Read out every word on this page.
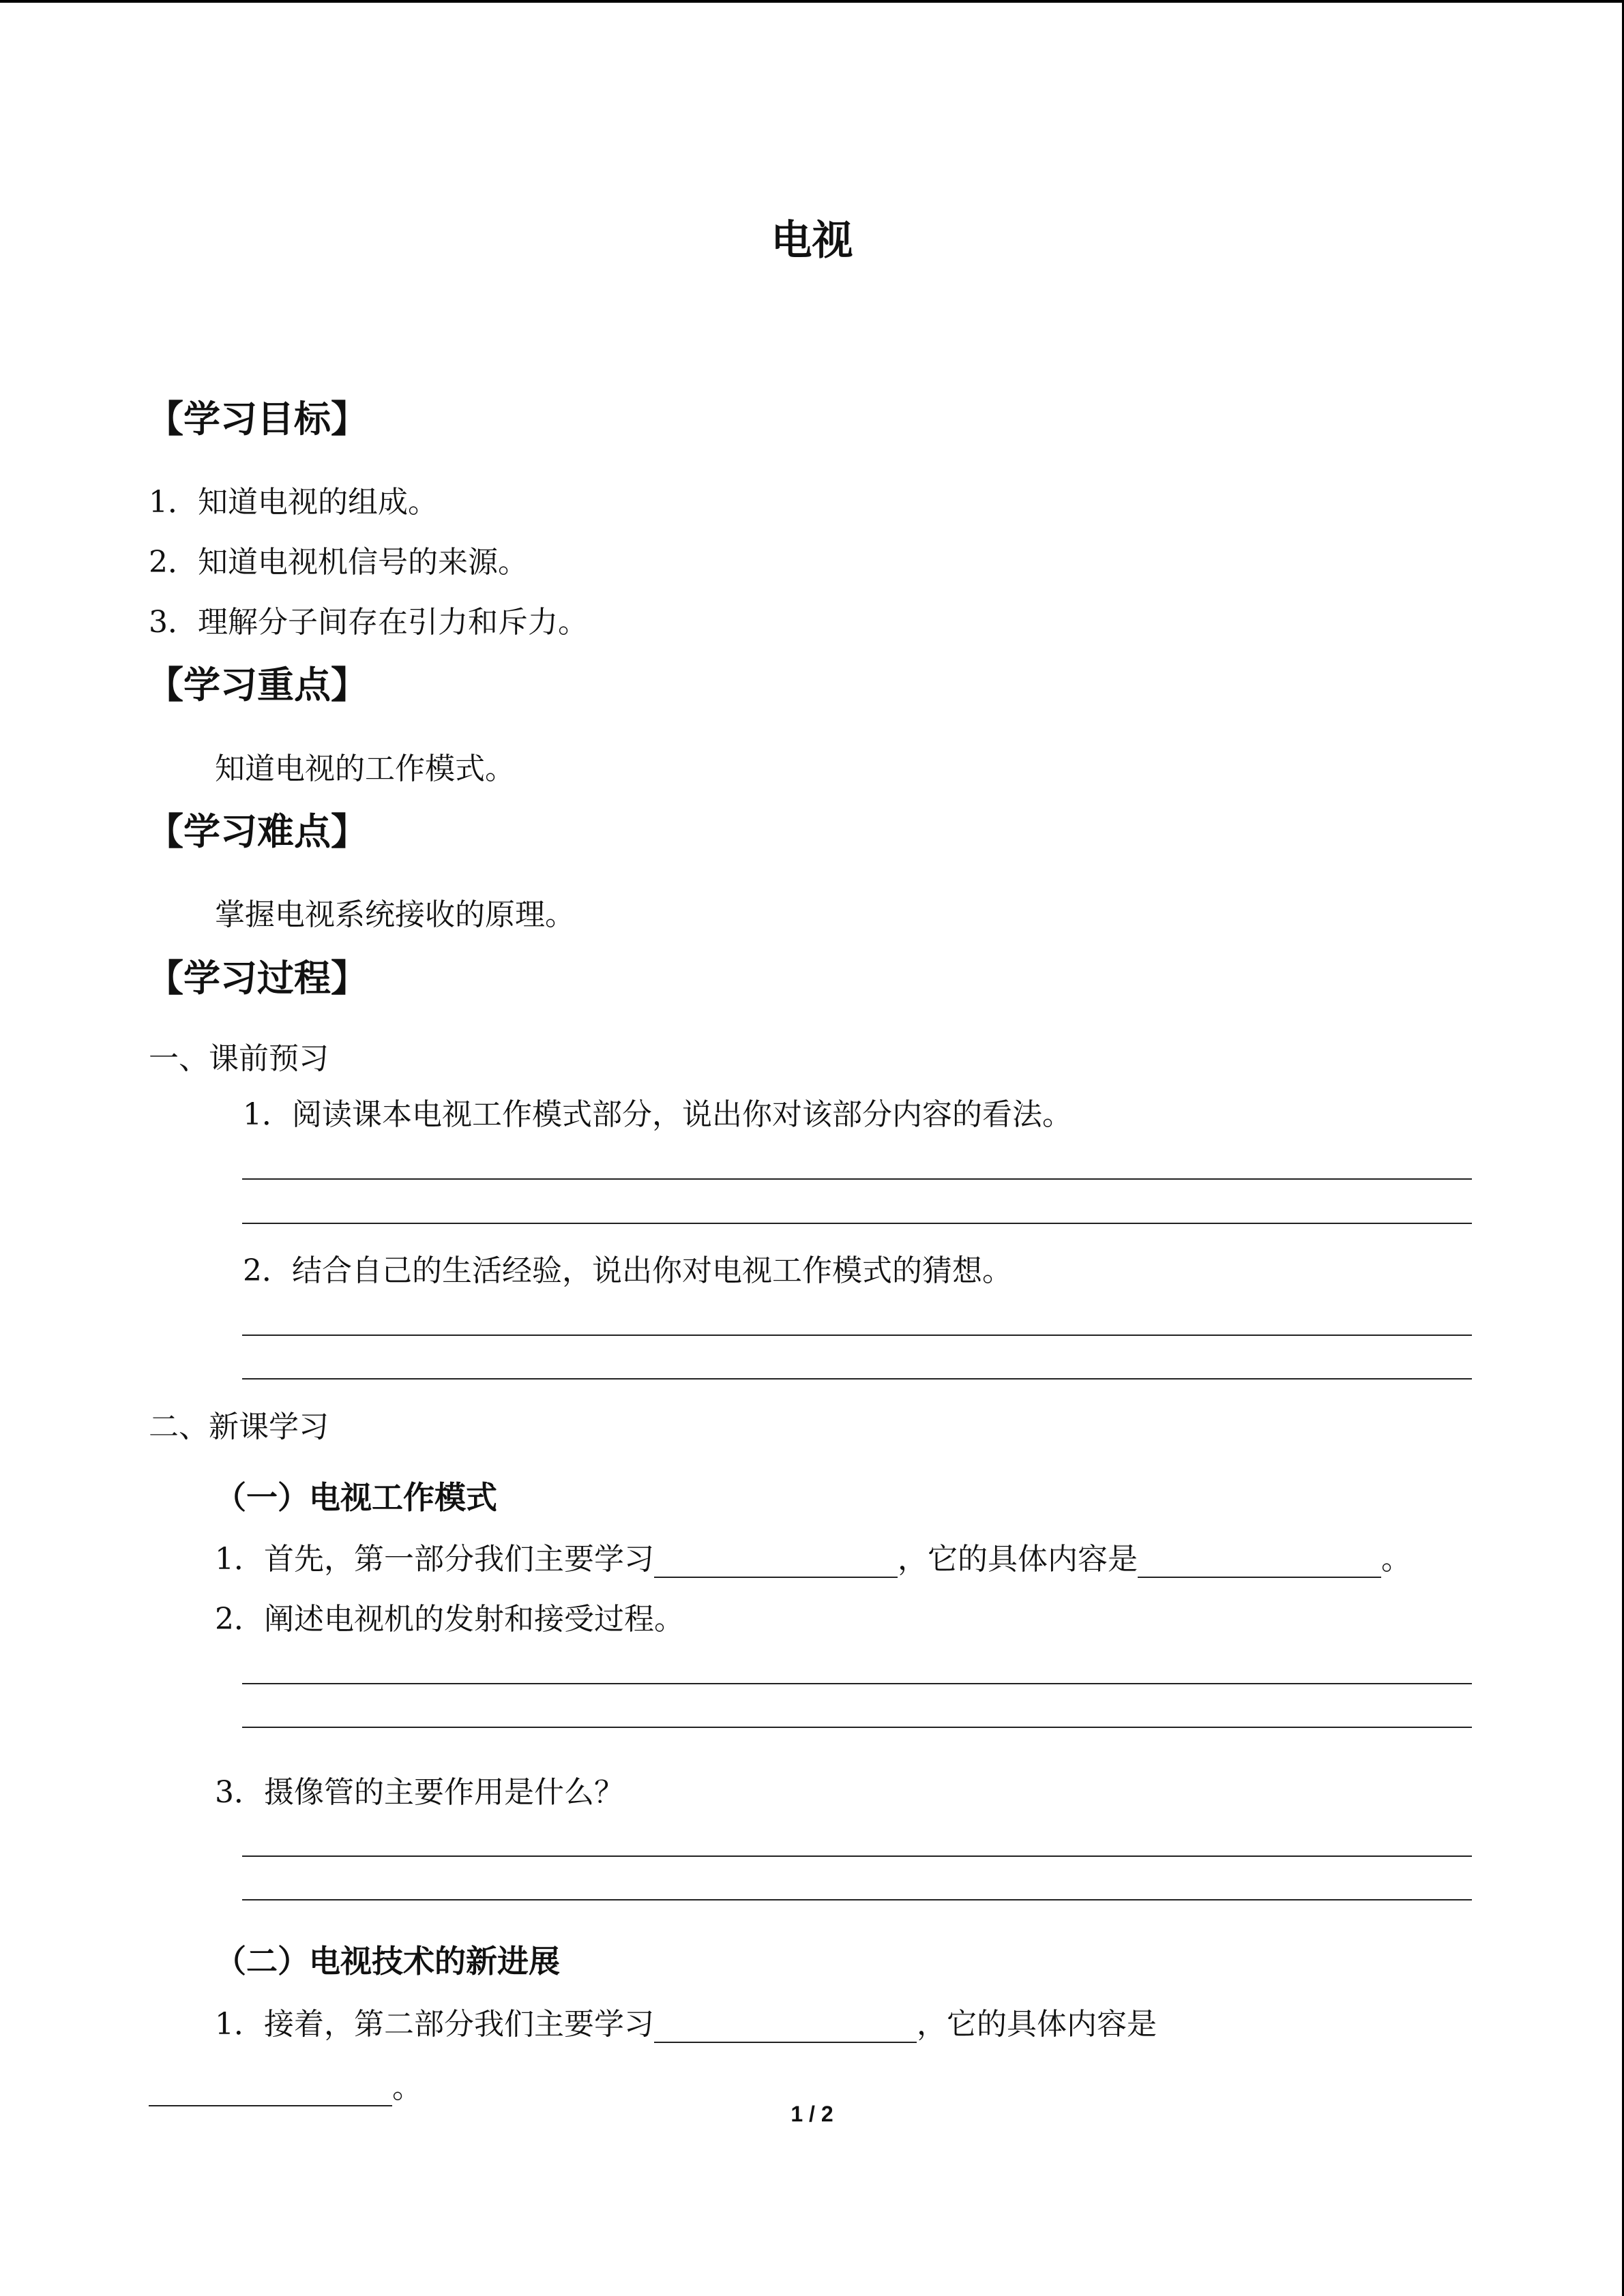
电视
【学习目标】
1．知道电视的组成。
2．知道电视机信号的来源。
3．理解分子间存在引力和斥力。
【学习重点】
知道电视的工作模式。
【学习难点】
掌握电视系统接收的原理。
【学习过程】
一、课前预习
1．阅读课本电视工作模式部分，说出你对该部分内容的看法。
2．结合自己的生活经验，说出你对电视工作模式的猜想。
二、新课学习
（一）电视工作模式
1．首先，第一部分我们主要学习	，它的具体内容是	。
2．阐述电视机的发射和接受过程。
3．摄像管的主要作用是什么？
（二）电视技术的新进展
1．接着，第二部分我们主要学习	，它的具体内容是
。
1 / 2
